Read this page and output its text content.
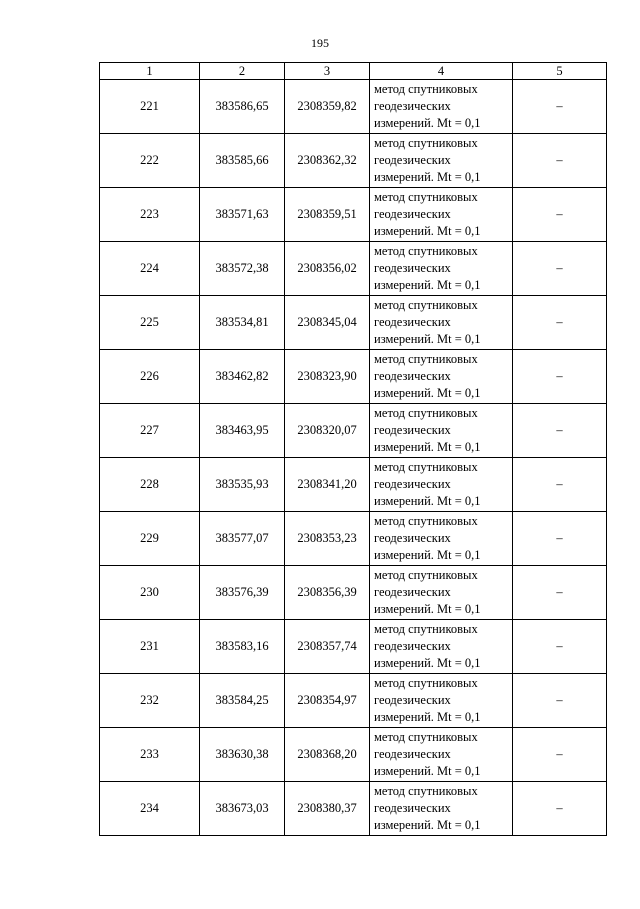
195
1	2	3	4	5
221	383586,65	2308359,82	метод спутниковых
геодезических
измерений. Mt = 0,1	–
222	383585,66	2308362,32	метод спутниковых
геодезических
измерений. Mt = 0,1	–
223	383571,63	2308359,51	метод спутниковых
геодезических
измерений. Mt = 0,1	–
224	383572,38	2308356,02	метод спутниковых
геодезических
измерений. Mt = 0,1	–
225	383534,81	2308345,04	метод спутниковых
геодезических
измерений. Mt = 0,1	–
226	383462,82	2308323,90	метод спутниковых
геодезических
измерений. Mt = 0,1	–
227	383463,95	2308320,07	метод спутниковых
геодезических
измерений. Mt = 0,1	–
228	383535,93	2308341,20	метод спутниковых
геодезических
измерений. Mt = 0,1	–
229	383577,07	2308353,23	метод спутниковых
геодезических
измерений. Mt = 0,1	–
230	383576,39	2308356,39	метод спутниковых
геодезических
измерений. Mt = 0,1	–
231	383583,16	2308357,74	метод спутниковых
геодезических
измерений. Mt = 0,1	–
232	383584,25	2308354,97	метод спутниковых
геодезических
измерений. Mt = 0,1	–
233	383630,38	2308368,20	метод спутниковых
геодезических
измерений. Mt = 0,1	–
234	383673,03	2308380,37	метод спутниковых
геодезических
измерений. Mt = 0,1	–
